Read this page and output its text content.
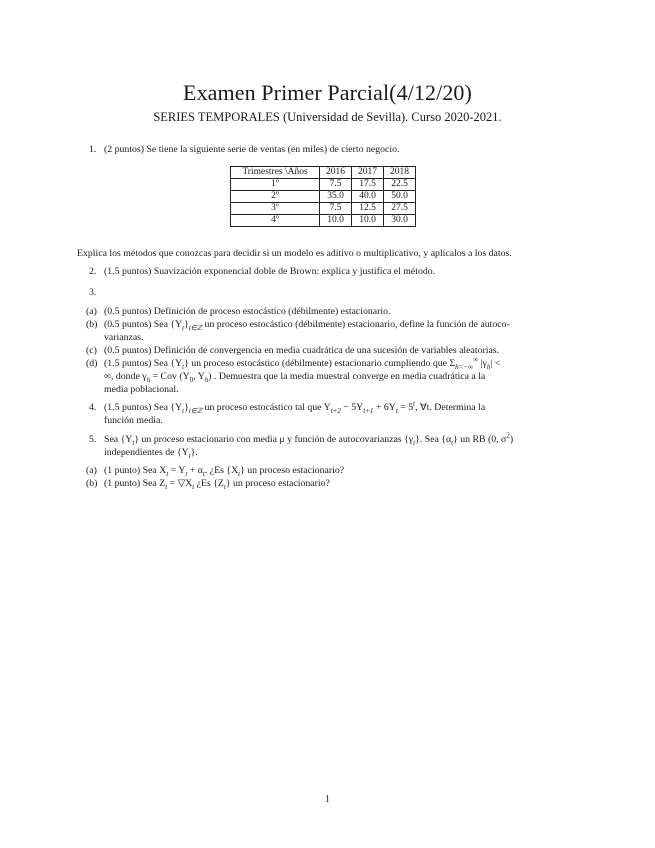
Examen Primer Parcial(4/12/20)
SERIES TEMPORALES (Universidad de Sevilla). Curso 2020-2021.
1. (2 puntos) Se tiene la siguiente serie de ventas (en miles) de cierto negocio.
Trimestres \Años	2016	2017	2018
1º	7.5	17.5	22.5
2º	35.0	40.0	50.0
3º	7.5	12.5	27.5
4º	10.0	10.0	30.0
Explica los métodos que conozcas para decidir si un modelo es aditivo o multiplicativo, y aplícalos a los datos.
2. (1.5 puntos) Suavización exponencial doble de Brown: explica y justifica el método.
3.
(a) (0.5 puntos) Definición de proceso estocástico (débilmente) estacionario.
(b) (0.5 puntos) Sea $\{Y_t\}_{t\in ℤ}$ un proceso estocástico (débilmente) estacionario, define la función de autoco-
varianzas.
(c) (0.5 puntos) Definición de convergencia en media cuadrática de una sucesión de variables aleatorias.
(d) (1.5 puntos) Sea $\{Y_t\}$ un proceso estocástico (débilmente) estacionario cumpliendo que $\Sigma_{h=-\infty}^\infty$ $|\gamma_h|$ <
∞, donde $\gamma_h$ = Cov ($Y_0$, $Y_h$) . Demuestra que la media muestral converge en media cuadrática a la
media poblacional.
4. (1.5 puntos) Sea $\{Y_t\}_{t\in ℤ}$ un proceso estocástico tal que $Y_{t+2} - 5Y_{t+1} + 6Y_t = 5^t$, ∀t. Determina la
función media.
5. Sea $\{Y_t\}$ un proceso estacionario con media μ y función de autocovarianzas $\{\gamma_t\}$. Sea $\{\alpha_t\}$ un RB (0, $\sigma^2$)
independientes de $\{Y_t\}$.
(a) (1 punto) Sea $X_t = Y_t + \alpha_t$. ¿Es $\{X_t\}$ un proceso estacionario?
(b) (1 punto) Sea $Z_t$ = $▽X_t$ ¿Es $\{Z_t\}$ un proceso estacionario?
1
